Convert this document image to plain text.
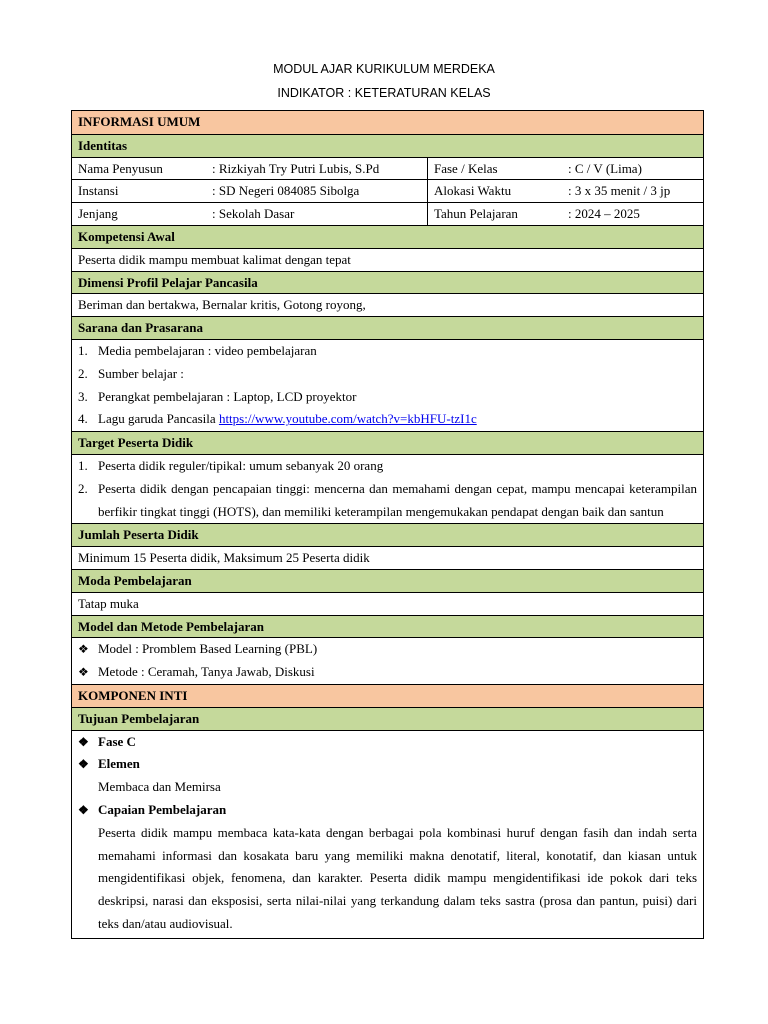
MODUL AJAR KURIKULUM MERDEKA
INDIKATOR : KETERATURAN KELAS
INFORMASI UMUM
Identitas
Nama Penyusun	: Rizkiyah Try Putri Lubis, S.Pd	Fase / Kelas	: C / V (Lima)
Instansi	: SD Negeri 084085 Sibolga	Alokasi Waktu	: 3 x 35 menit / 3 jp
Jenjang	: Sekolah Dasar	Tahun Pelajaran	: 2024 – 2025
Kompetensi Awal
Peserta didik mampu membuat kalimat dengan tepat
Dimensi Profil Pelajar Pancasila
Beriman dan bertakwa, Bernalar kritis, Gotong royong,
Sarana dan Prasarana
1. Media pembelajaran : video pembelajaran
2. Sumber belajar :
3. Perangkat pembelajaran : Laptop, LCD proyektor
4. Lagu garuda Pancasila https://www.youtube.com/watch?v=kbHFU-tzI1c
Target Peserta Didik
1. Peserta didik reguler/tipikal: umum sebanyak 20 orang
2. Peserta didik dengan pencapaian tinggi: mencerna dan memahami dengan cepat, mampu mencapai keterampilan berfikir tingkat tinggi (HOTS), dan memiliki keterampilan mengemukakan pendapat dengan baik dan santun
Jumlah Peserta Didik
Minimum 15 Peserta didik, Maksimum 25 Peserta didik
Moda Pembelajaran
Tatap muka
Model dan Metode Pembelajaran
❖ Model : Promblem Based Learning (PBL)
❖ Metode : Ceramah, Tanya Jawab, Diskusi
KOMPONEN INTI
Tujuan Pembelajaran
❖ Fase C
❖ Elemen
Membaca dan Memirsa
❖ Capaian Pembelajaran
Peserta didik mampu membaca kata-kata dengan berbagai pola kombinasi huruf dengan fasih dan indah serta memahami informasi dan kosakata baru yang memiliki makna denotatif, literal, konotatif, dan kiasan untuk mengidentifikasi objek, fenomena, dan karakter. Peserta didik mampu mengidentifikasi ide pokok dari teks deskripsi, narasi dan eksposisi, serta nilai-nilai yang terkandung dalam teks sastra (prosa dan pantun, puisi) dari teks dan/atau audiovisual.
